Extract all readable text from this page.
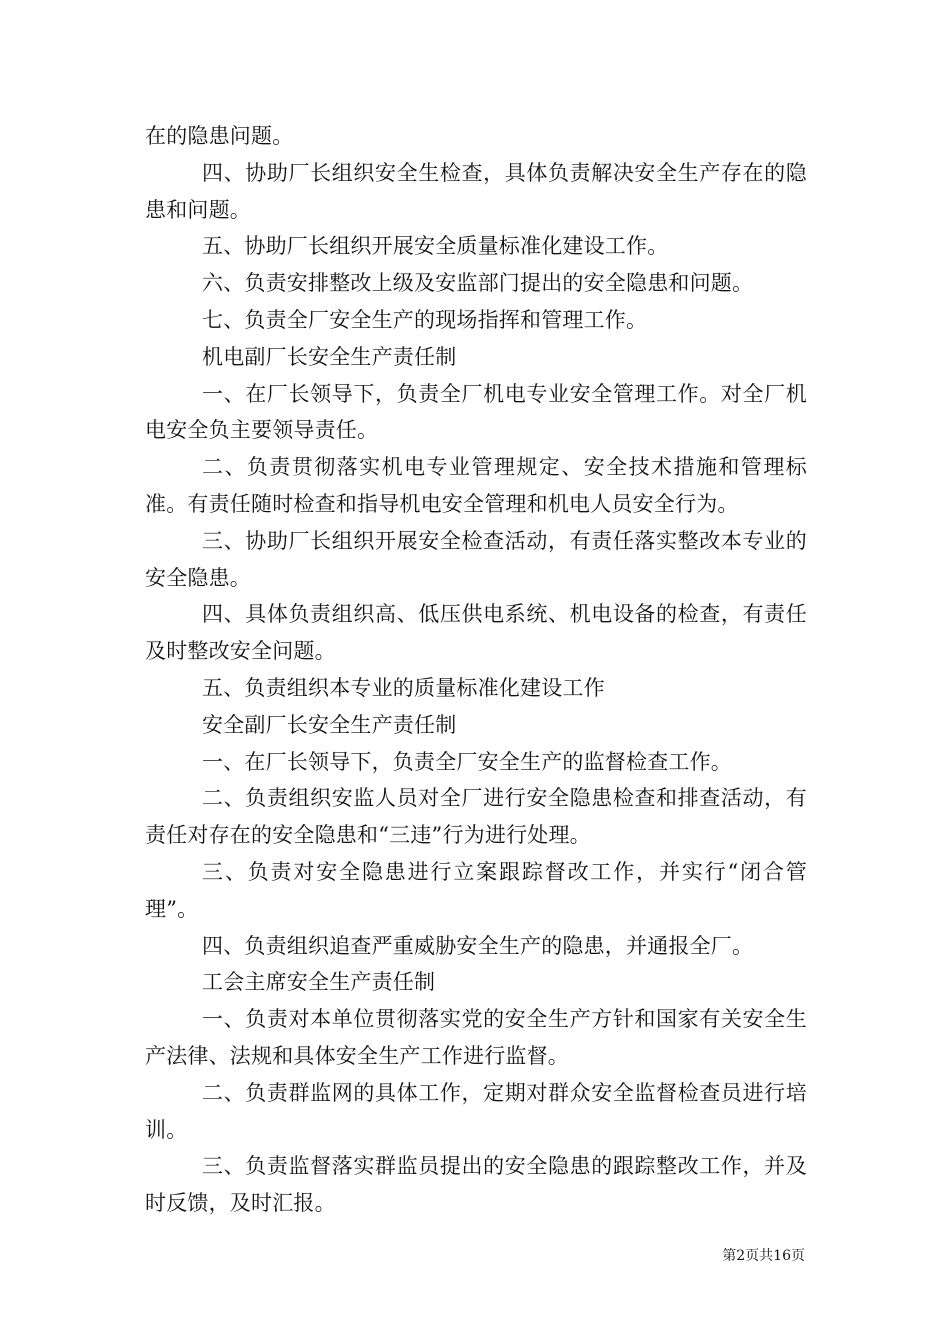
在的隐患问题。

四、协助厂长组织安全生检查，具体负责解决安全生产存在的隐患和问题。

五、协助厂长组织开展安全质量标准化建设工作。

六、负责安排整改上级及安监部门提出的安全隐患和问题。

七、负责全厂安全生产的现场指挥和管理工作。

机电副厂长安全生产责任制

一、在厂长领导下，负责全厂机电专业安全管理工作。对全厂机电安全负主要领导责任。

二、负责贯彻落实机电专业管理规定、安全技术措施和管理标准。有责任随时检查和指导机电安全管理和机电人员安全行为。

三、协助厂长组织开展安全检查活动，有责任落实整改本专业的安全隐患。

四、具体负责组织高、低压供电系统、机电设备的检查，有责任及时整改安全问题。

五、负责组织本专业的质量标准化建设工作

安全副厂长安全生产责任制

一、在厂长领导下，负责全厂安全生产的监督检查工作。

二、负责组织安监人员对全厂进行安全隐患检查和排查活动，有责任对存在的安全隐患和“三违”行为进行处理。

三、负责对安全隐患进行立案跟踪督改工作，并实行“闭合管理”。

四、负责组织追查严重威胁安全生产的隐患，并通报全厂。

工会主席安全生产责任制

一、负责对本单位贯彻落实党的安全生产方针和国家有关安全生产法律、法规和具体安全生产工作进行监督。

二、负责群监网的具体工作，定期对群众安全监督检查员进行培训。

三、负责监督落实群监员提出的安全隐患的跟踪整改工作，并及时反馈，及时汇报。

第2页共16页
